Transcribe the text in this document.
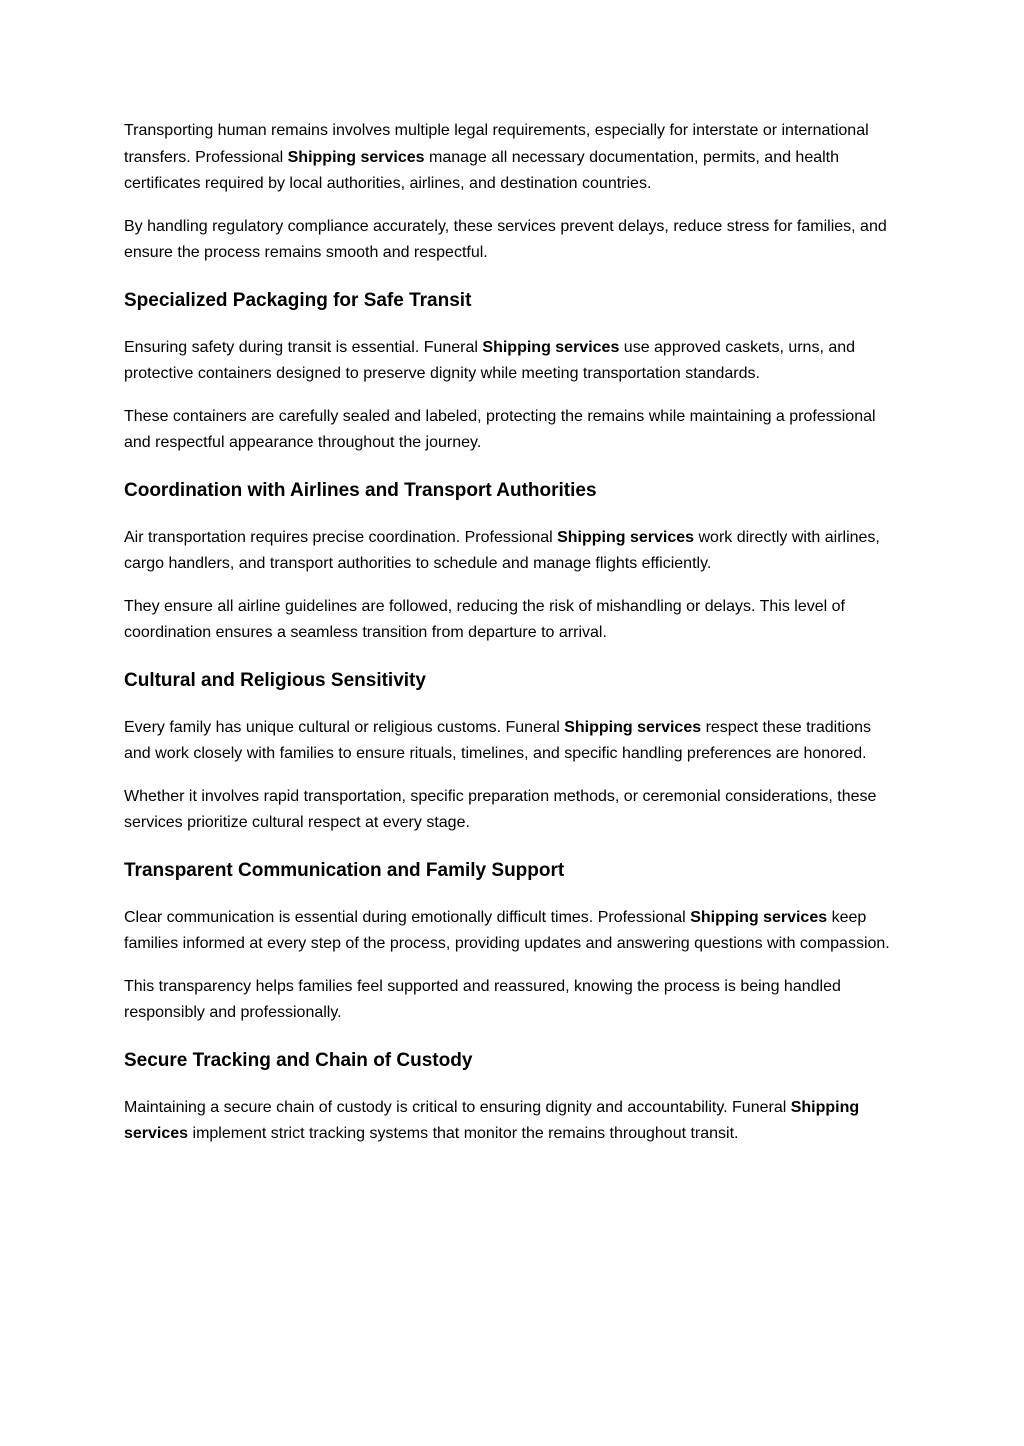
Transporting human remains involves multiple legal requirements, especially for interstate or international transfers. Professional Shipping services manage all necessary documentation, permits, and health certificates required by local authorities, airlines, and destination countries.

By handling regulatory compliance accurately, these services prevent delays, reduce stress for families, and ensure the process remains smooth and respectful.

Specialized Packaging for Safe Transit

Ensuring safety during transit is essential. Funeral Shipping services use approved caskets, urns, and protective containers designed to preserve dignity while meeting transportation standards.

These containers are carefully sealed and labeled, protecting the remains while maintaining a professional and respectful appearance throughout the journey.

Coordination with Airlines and Transport Authorities

Air transportation requires precise coordination. Professional Shipping services work directly with airlines, cargo handlers, and transport authorities to schedule and manage flights efficiently.

They ensure all airline guidelines are followed, reducing the risk of mishandling or delays. This level of coordination ensures a seamless transition from departure to arrival.

Cultural and Religious Sensitivity

Every family has unique cultural or religious customs. Funeral Shipping services respect these traditions and work closely with families to ensure rituals, timelines, and specific handling preferences are honored.

Whether it involves rapid transportation, specific preparation methods, or ceremonial considerations, these services prioritize cultural respect at every stage.

Transparent Communication and Family Support

Clear communication is essential during emotionally difficult times. Professional Shipping services keep families informed at every step of the process, providing updates and answering questions with compassion.

This transparency helps families feel supported and reassured, knowing the process is being handled responsibly and professionally.

Secure Tracking and Chain of Custody

Maintaining a secure chain of custody is critical to ensuring dignity and accountability. Funeral Shipping services implement strict tracking systems that monitor the remains throughout transit.
